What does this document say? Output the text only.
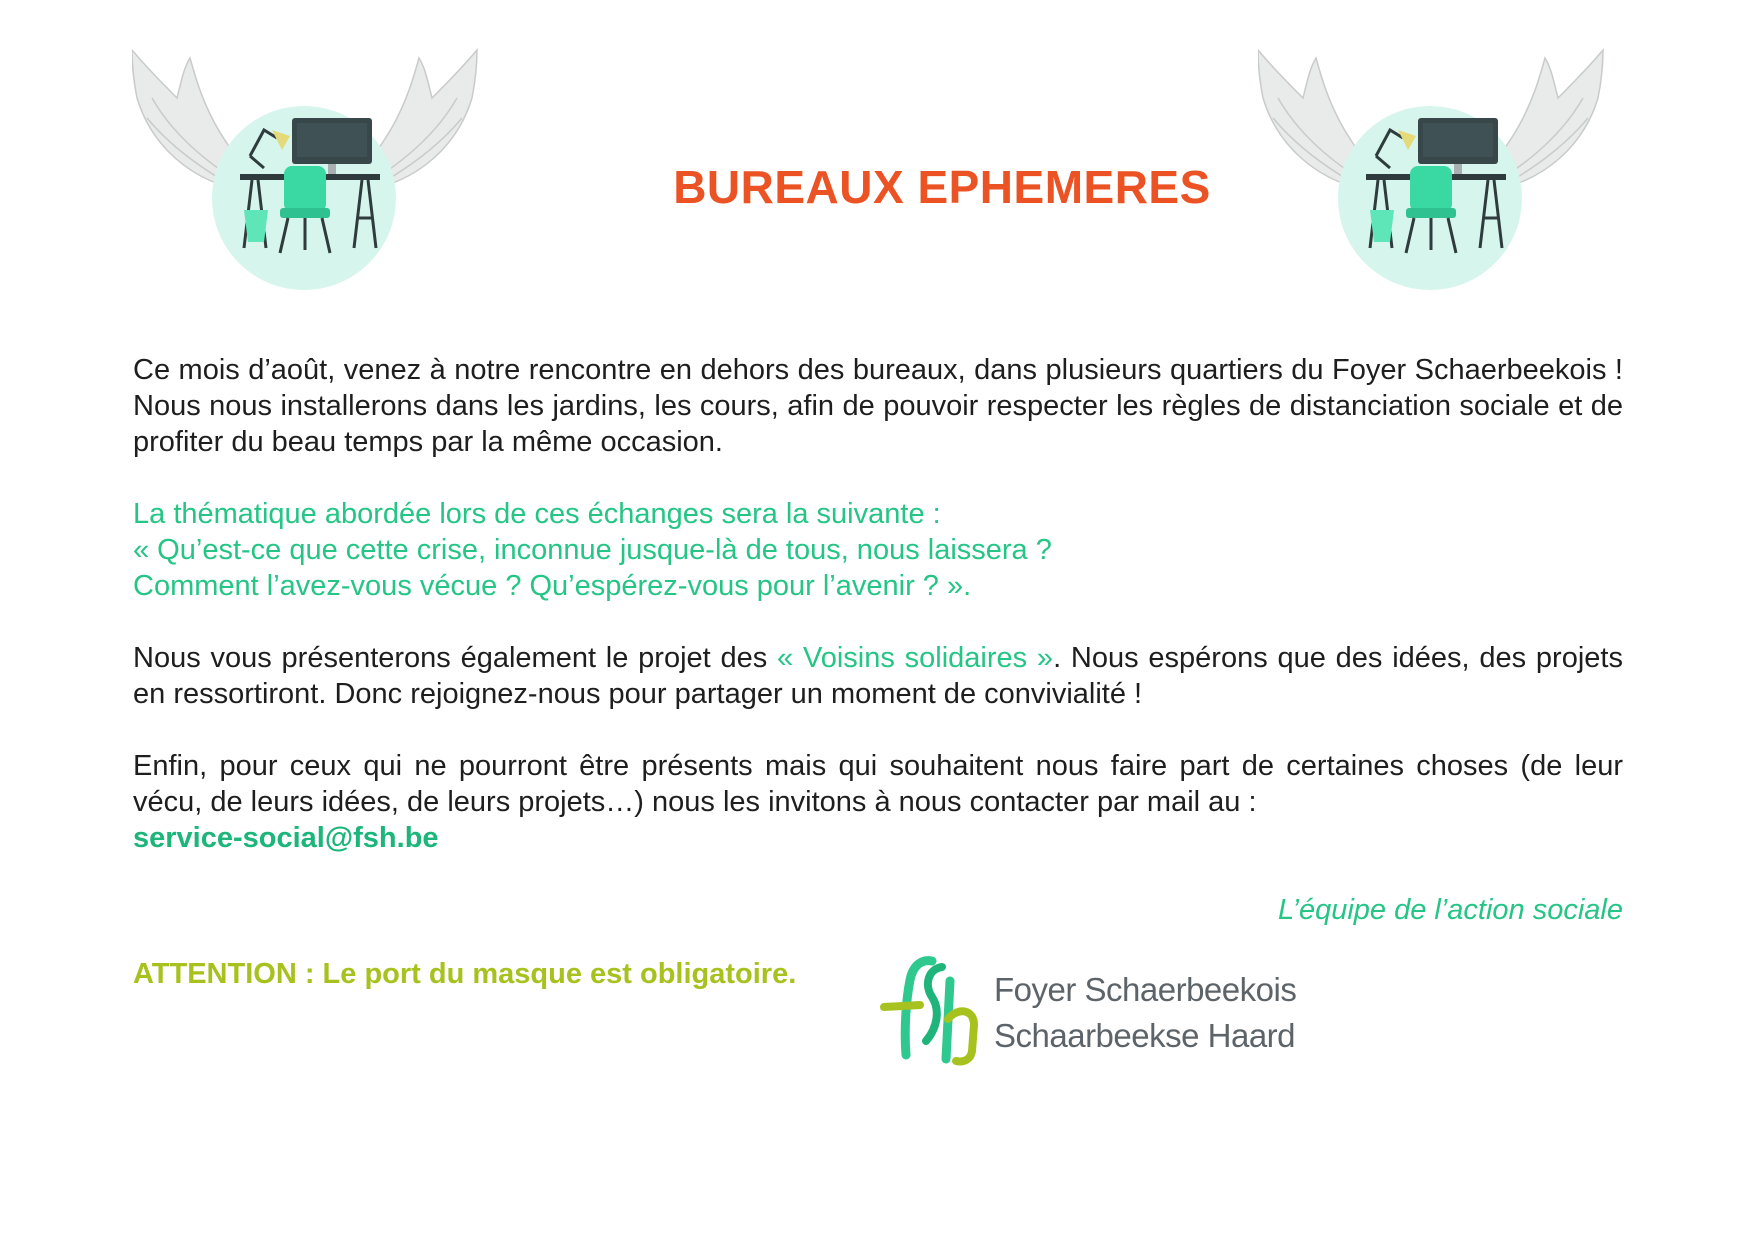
BUREAUX EPHEMERES

Ce mois d’août, venez à notre rencontre en dehors des bureaux, dans plusieurs quartiers du Foyer Schaerbeekois ! Nous nous installerons dans les jardins, les cours, afin de pouvoir respecter les règles de distanciation sociale et de profiter du beau temps par la même occasion.

La thématique abordée lors de ces échanges sera la suivante :
« Qu’est-ce que cette crise, inconnue jusque-là de tous, nous laissera ?
Comment l’avez-vous vécue ? Qu’espérez-vous pour l’avenir ? ».

Nous vous présenterons également le projet des « Voisins solidaires ». Nous espérons que des idées, des projets en ressortiront. Donc rejoignez-nous pour partager un moment de convivialité !

Enfin, pour ceux qui ne pourront être présents mais qui souhaitent nous faire part de certaines choses (de leur vécu, de leurs idées, de leurs projets…) nous les invitons à nous contacter par mail au :
service-social@fsh.be

L’équipe de l’action sociale

ATTENTION : Le port du masque est obligatoire.	Foyer Schaerbeekois
Schaarbeekse Haard
